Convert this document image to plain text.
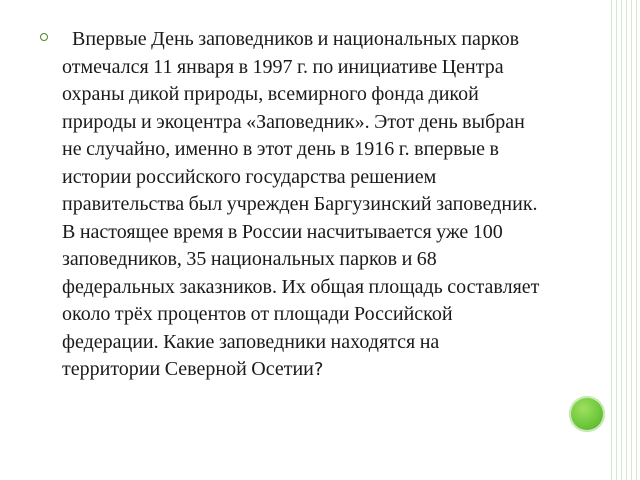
Впервые День заповедников и национальных парков отмечался 11 января в 1997 г. по инициативе Центра охраны дикой природы, всемирного фонда дикой природы и экоцентра «Заповедник». Этот день выбран не случайно, именно в этот день в 1916 г. впервые в истории российского государства решением правительства был учрежден Баргузинский заповедник. В настоящее время в России насчитывается уже 100 заповедников, 35 национальных парков и 68 федеральных заказников. Их общая площадь составляет около трёх процентов от площади Российской федерации. Какие заповедники находятся на территории Северной Осетии?
